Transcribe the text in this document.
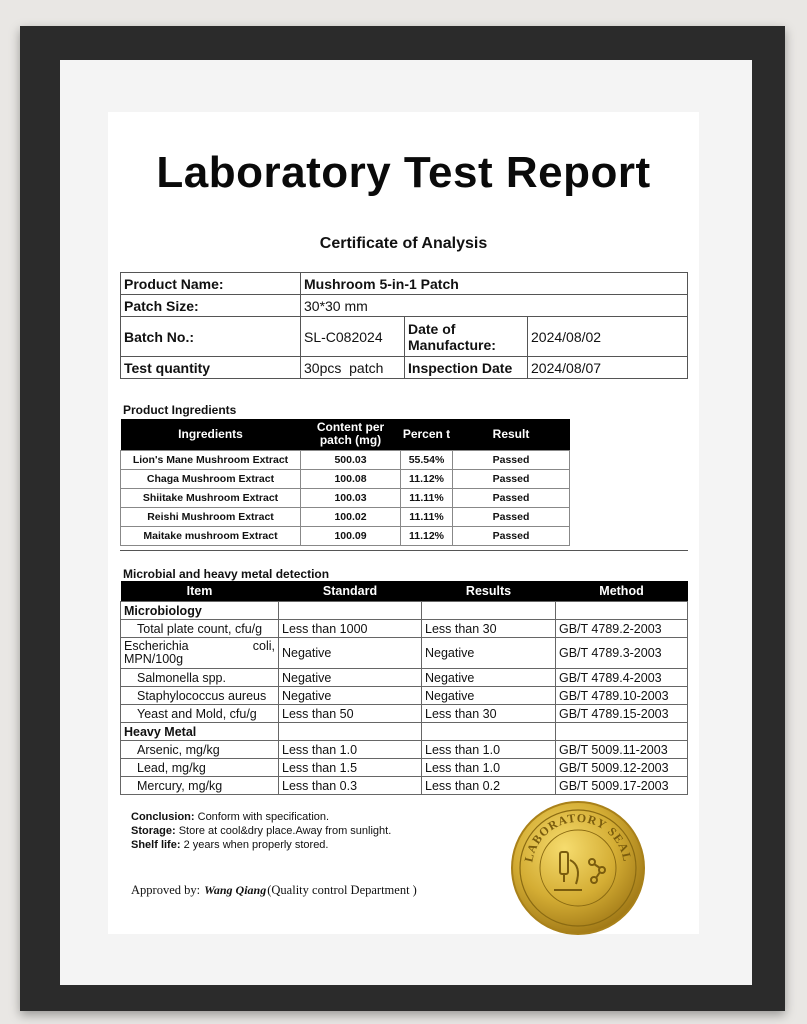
Laboratory Test Report
Certificate of Analysis
Product Name:	Mushroom 5-in-1 Patch		
Patch Size:	30*30 mm		
Batch No.:	SL-C082024	Date of Manufacture:	2024/08/02
Test quantity	30pcs  patch	Inspection Date	2024/08/07
Product Ingredients
Ingredients	Content per patch (mg)	Percen t	Result
Lion's Mane Mushroom Extract	500.03	55.54%	Passed
Chaga Mushroom Extract	100.08	11.12%	Passed
Shiitake Mushroom Extract	100.03	11.11%	Passed
Reishi Mushroom Extract	100.02	11.11%	Passed
Maitake mushroom Extract	100.09	11.12%	Passed
Microbial and heavy metal detection
Item	Standard	Results	Method
Microbiology			
Total plate count, cfu/g	Less than 1000	Less than 30	GB/T 4789.2-2003
Escherichia coli, MPN/100g	Negative	Negative	GB/T 4789.3-2003
Salmonella spp.	Negative	Negative	GB/T 4789.4-2003
Staphylococcus aureus	Negative	Negative	GB/T 4789.10-2003
Yeast and Mold, cfu/g	Less than 50	Less than 30	GB/T 4789.15-2003
Heavy Metal			
Arsenic, mg/kg	Less than 1.0	Less than 1.0	GB/T 5009.11-2003
Lead, mg/kg	Less than 1.5	Less than 1.0	GB/T 5009.12-2003
Mercury, mg/kg	Less than 0.3	Less than 0.2	GB/T 5009.17-2003
Conclusion: Conform with specification.
Storage: Store at cool&dry place.Away from sunlight.
Shelf life: 2 years when properly stored.
Approved by: Wang Qiang(Quality control Department )
LABORATORY SEAL
